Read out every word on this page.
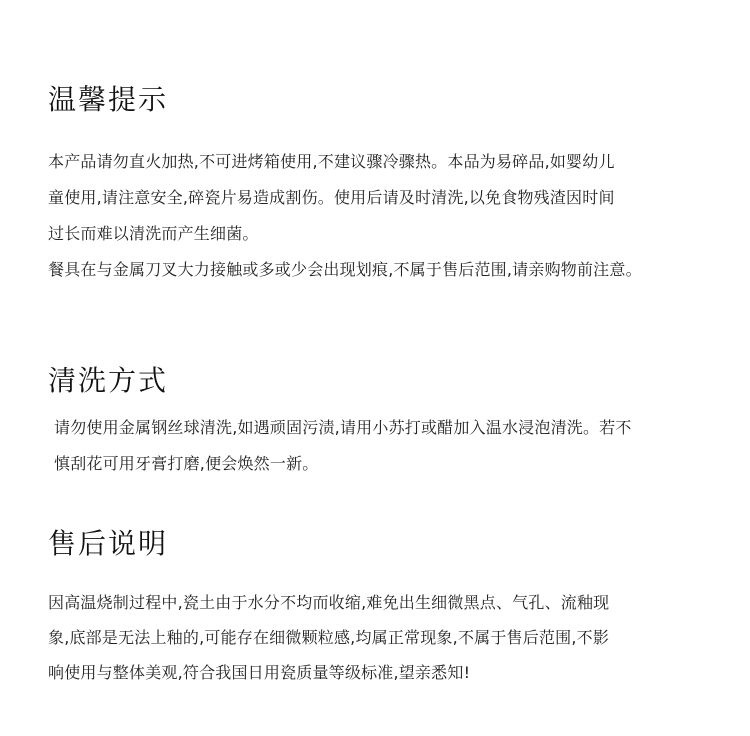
温馨提示

本产品请勿直火加热,不可进烤箱使用,不建议骤冷骤热。本品为易碎品,如婴幼儿

童使用,请注意安全,碎瓷片易造成割伤。使用后请及时清洗,以免食物残渣因时间

过长而难以清洗而产生细菌。

餐具在与金属刀叉大力接触或多或少会出现划痕,不属于售后范围,请亲购物前注意。

清洗方式

请勿使用金属钢丝球清洗,如遇顽固污渍,请用小苏打或醋加入温水浸泡清洗。若不

慎刮花可用牙膏打磨,便会焕然一新。

售后说明

因高温烧制过程中,瓷土由于水分不均而收缩,难免出生细微黑点、气孔、流釉现

象,底部是无法上釉的,可能存在细微颗粒感,均属正常现象,不属于售后范围,不影

响使用与整体美观,符合我国日用瓷质量等级标准,望亲悉知!
